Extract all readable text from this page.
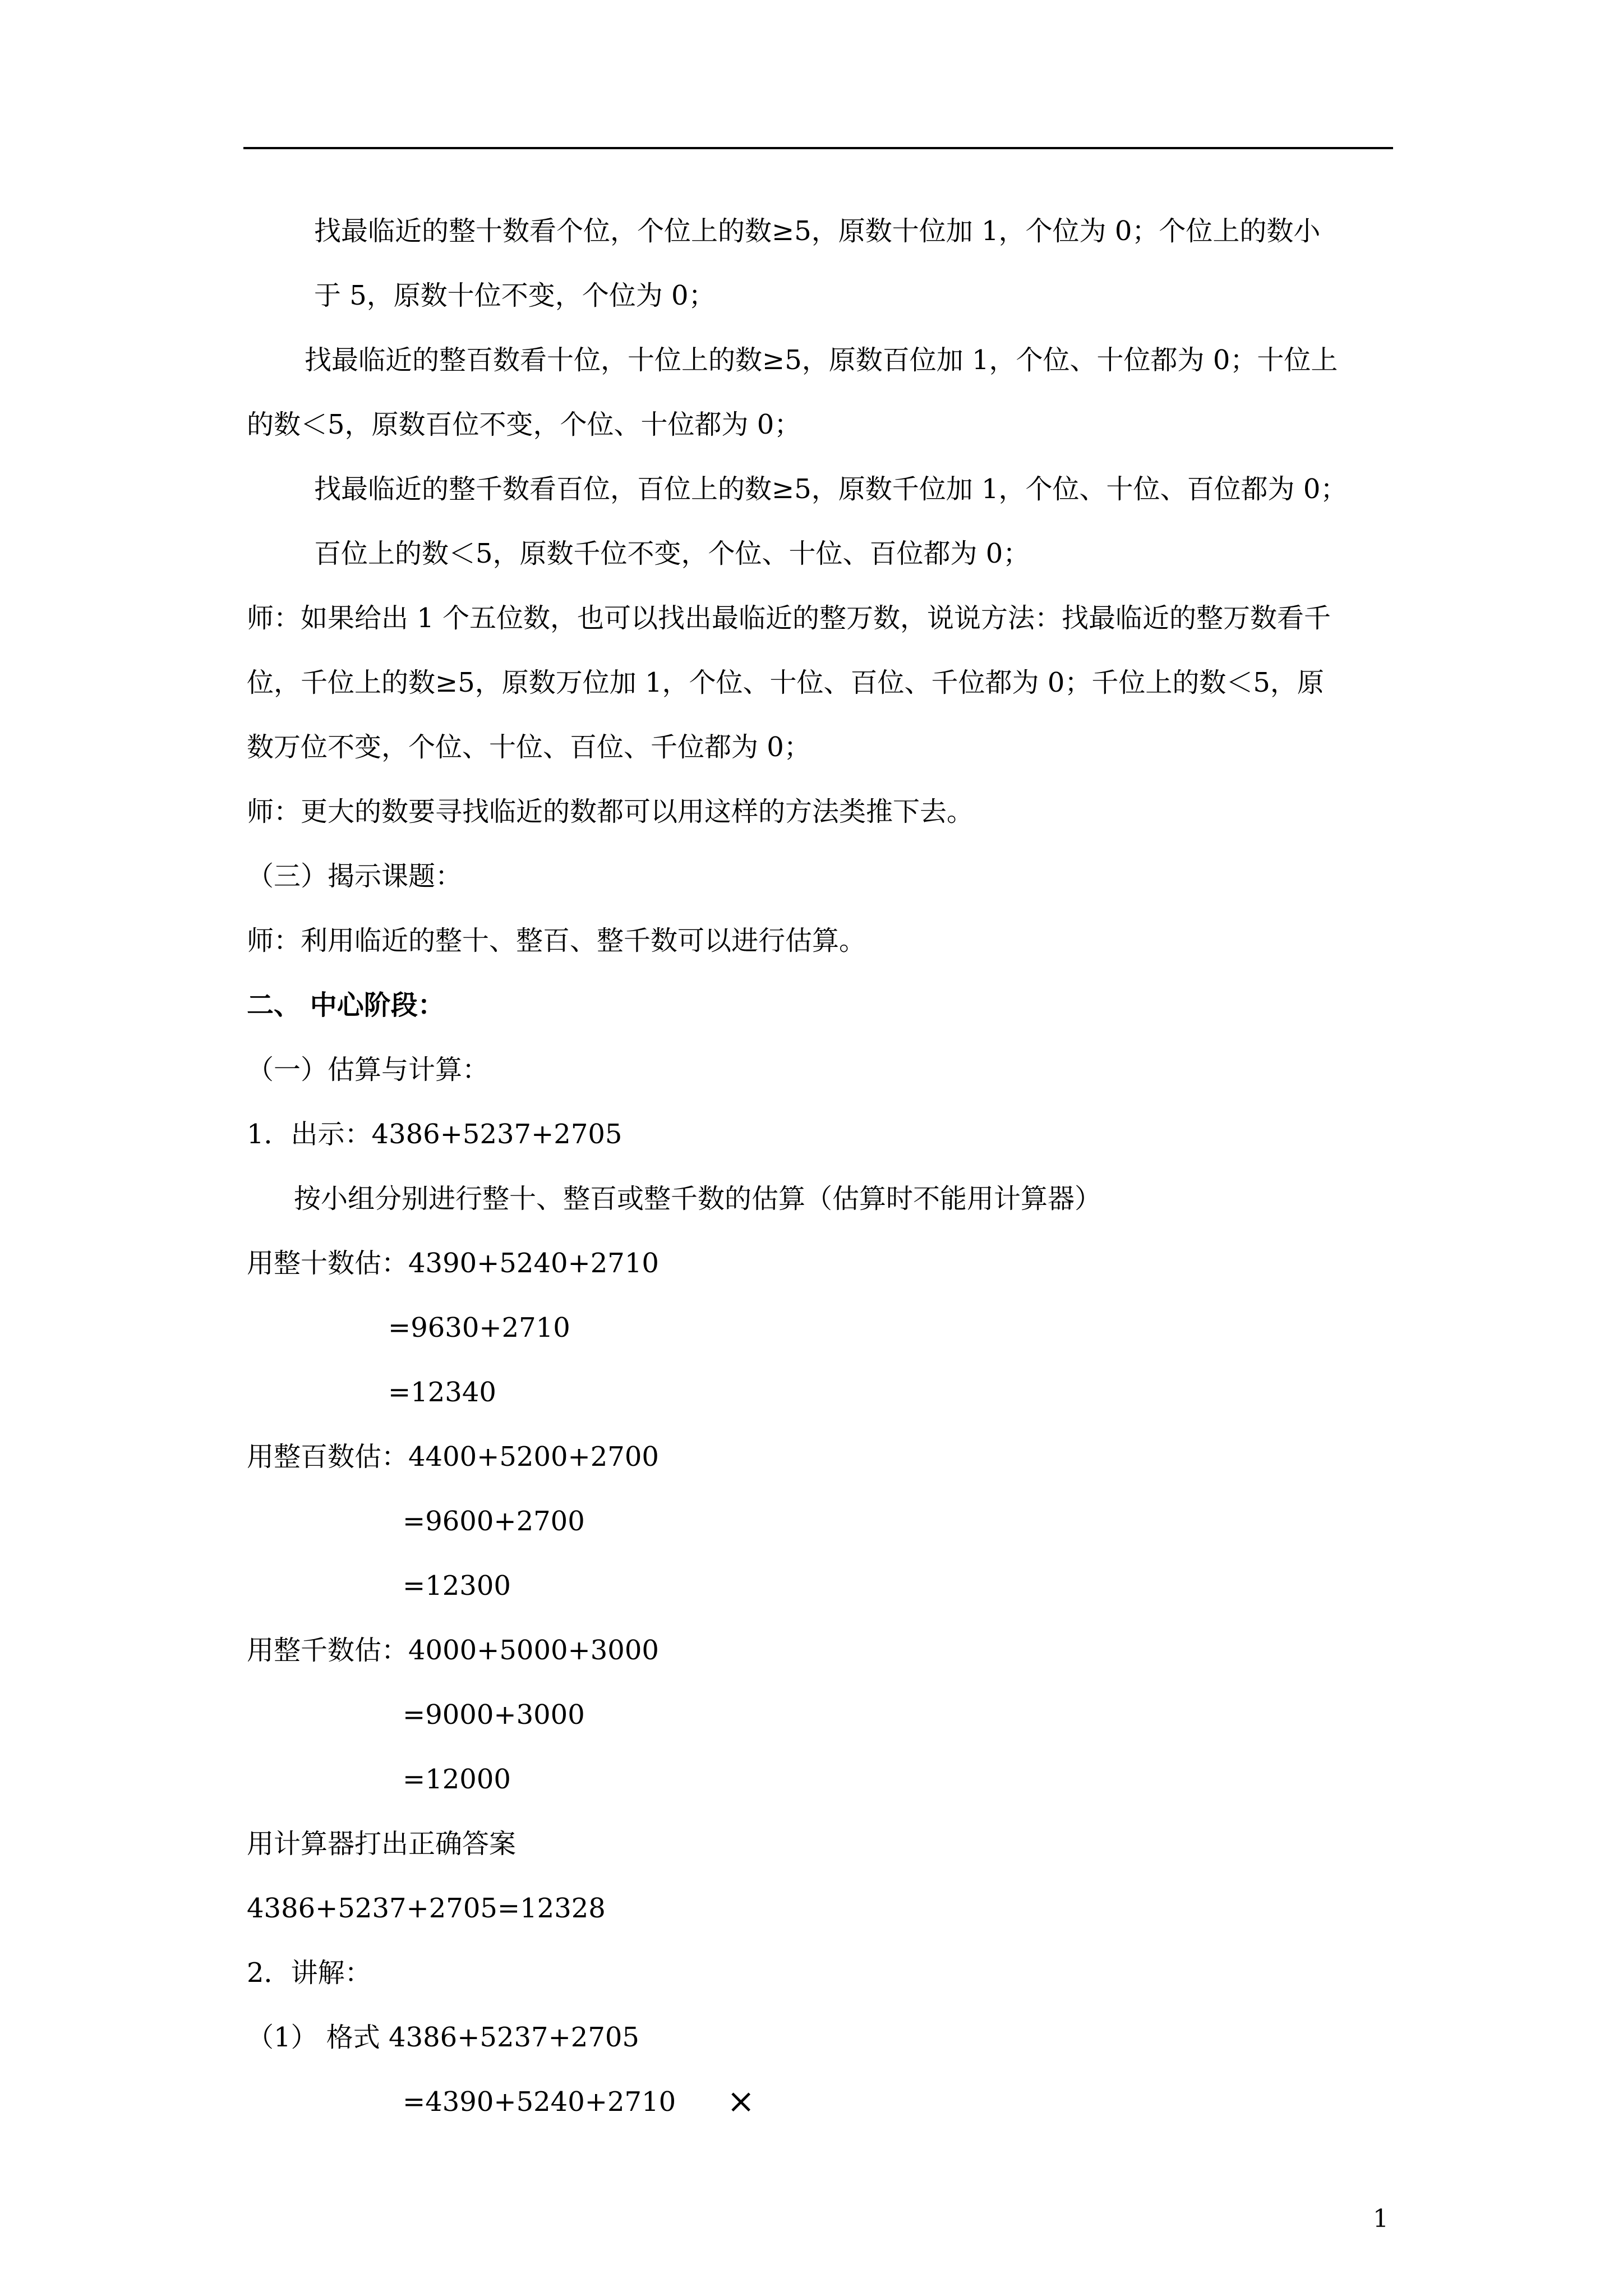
找最临近的整十数看个位，个位上的数≥5，原数十位加 1，个位为 0；个位上的数小

于 5，原数十位不变，个位为 0；

找最临近的整百数看十位，十位上的数≥5，原数百位加 1，个位、十位都为 0；十位上

的数＜5，原数百位不变，个位、十位都为 0；

找最临近的整千数看百位，百位上的数≥5，原数千位加 1，个位、十位、百位都为 0；

百位上的数＜5，原数千位不变，个位、十位、百位都为 0；

师：如果给出 1 个五位数，也可以找出最临近的整万数，说说方法：找最临近的整万数看千

位，千位上的数≥5，原数万位加 1，个位、十位、百位、千位都为 0；千位上的数＜5，原

数万位不变，个位、十位、百位、千位都为 0；

师：更大的数要寻找临近的数都可以用这样的方法类推下去。

（三）揭示课题：

师：利用临近的整十、整百、整千数可以进行估算。

二、 中心阶段：

（一）估算与计算：

1．出示：4386+5237+2705

按小组分别进行整十、整百或整千数的估算（估算时不能用计算器）

用整十数估：4390+5240+2710

=9630+2710

=12340

用整百数估：4400+5200+2700

=9600+2700

=12300

用整千数估：4000+5000+3000

=9000+3000

=12000

用计算器打出正确答案

4386+5237+2705=12328

2．讲解：

（1） 格式 4386+5237+2705

=4390+5240+2710 ×
1
